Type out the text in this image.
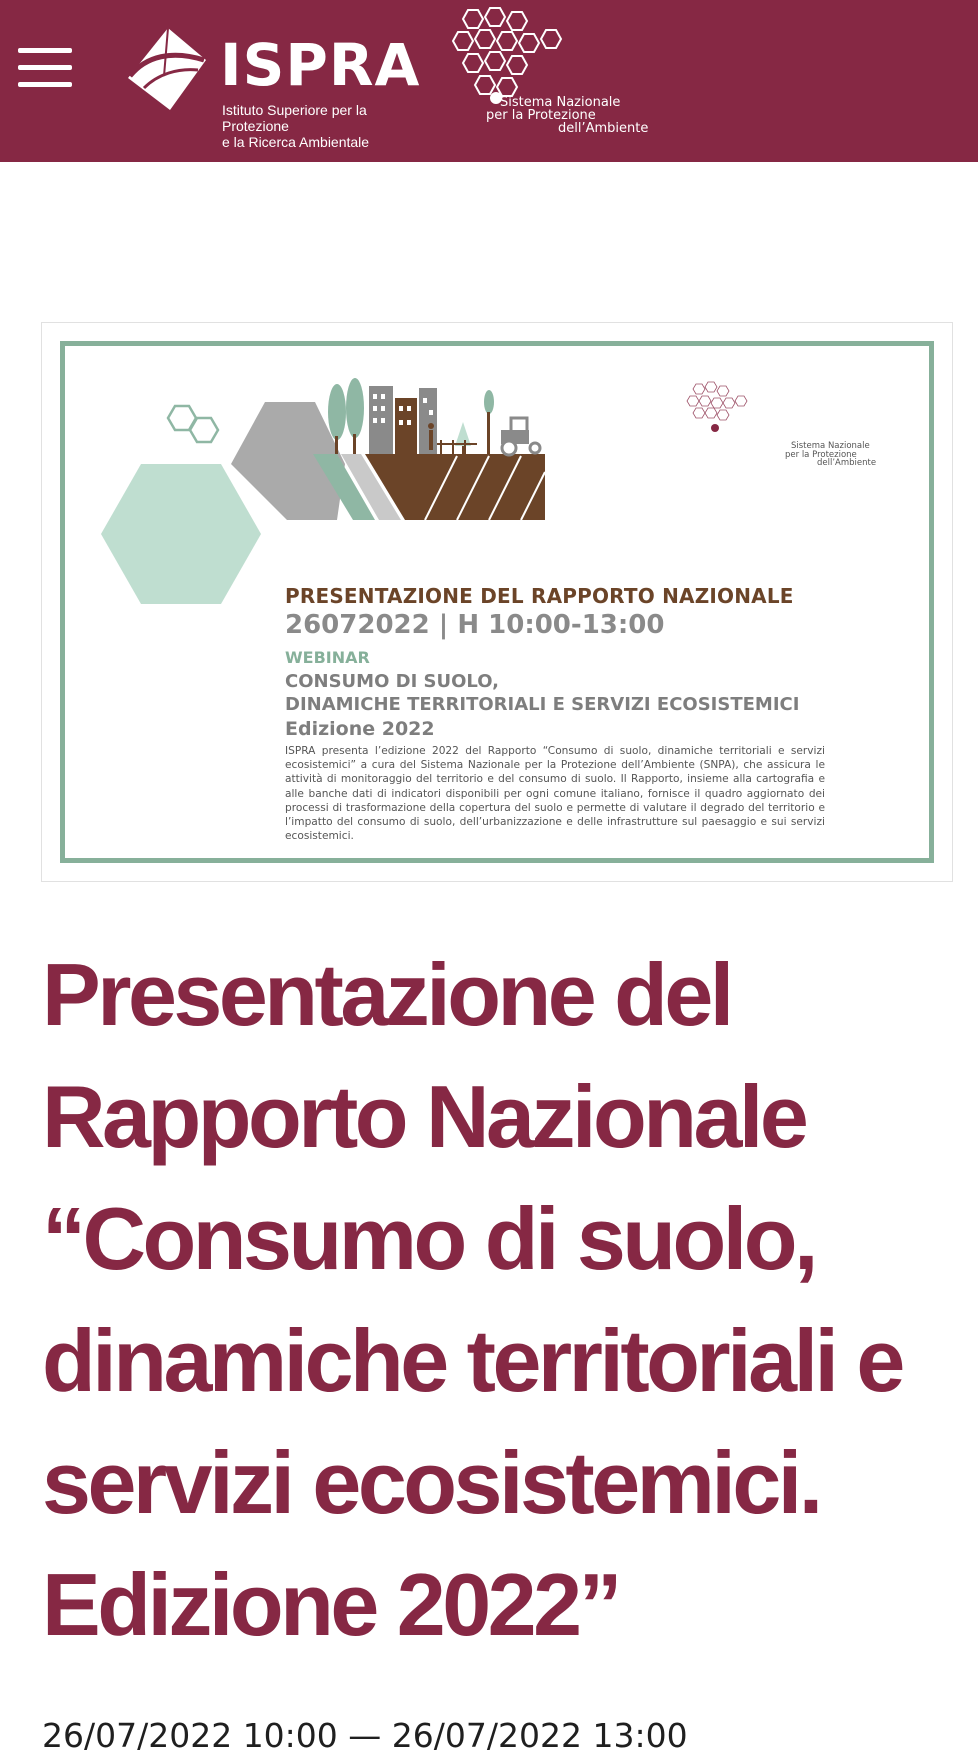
ISPRA
Istituto Superiore per la Protezione
e la Ricerca Ambientale
Sistema Nazionale
per la Protezione
dell’Ambiente
Sistema Nazionale
per la Protezione
dell’Ambiente
PRESENTAZIONE DEL RAPPORTO NAZIONALE
26072022 | H 10:00-13:00
WEBINAR
CONSUMO DI SUOLO,
DINAMICHE TERRITORIALI E SERVIZI ECOSISTEMICI
Edizione 2022
ISPRA presenta l’edizione 2022 del Rapporto “Consumo di suolo, dinamiche territoriali e servizi ecosistemici” a cura del Sistema Nazionale per la Protezione dell’Ambiente (SNPA), che assicura le attività di monitoraggio del territorio e del consumo di suolo. Il Rapporto, insieme alla cartografia e alle banche dati di indicatori disponibili per ogni comune italiano, fornisce il quadro aggiornato dei processi di trasformazione della copertura del suolo e permette di valutare il degrado del territorio e l’impatto del consumo di suolo, dell’urbanizzazione e delle infrastrutture sul paesaggio e sui servizi ecosistemici.
Presentazione del
Rapporto Nazionale
“Consumo di suolo,
dinamiche territoriali e
servizi ecosistemici.
Edizione 2022”
26/07/2022 10:00 — 26/07/2022 13:00
